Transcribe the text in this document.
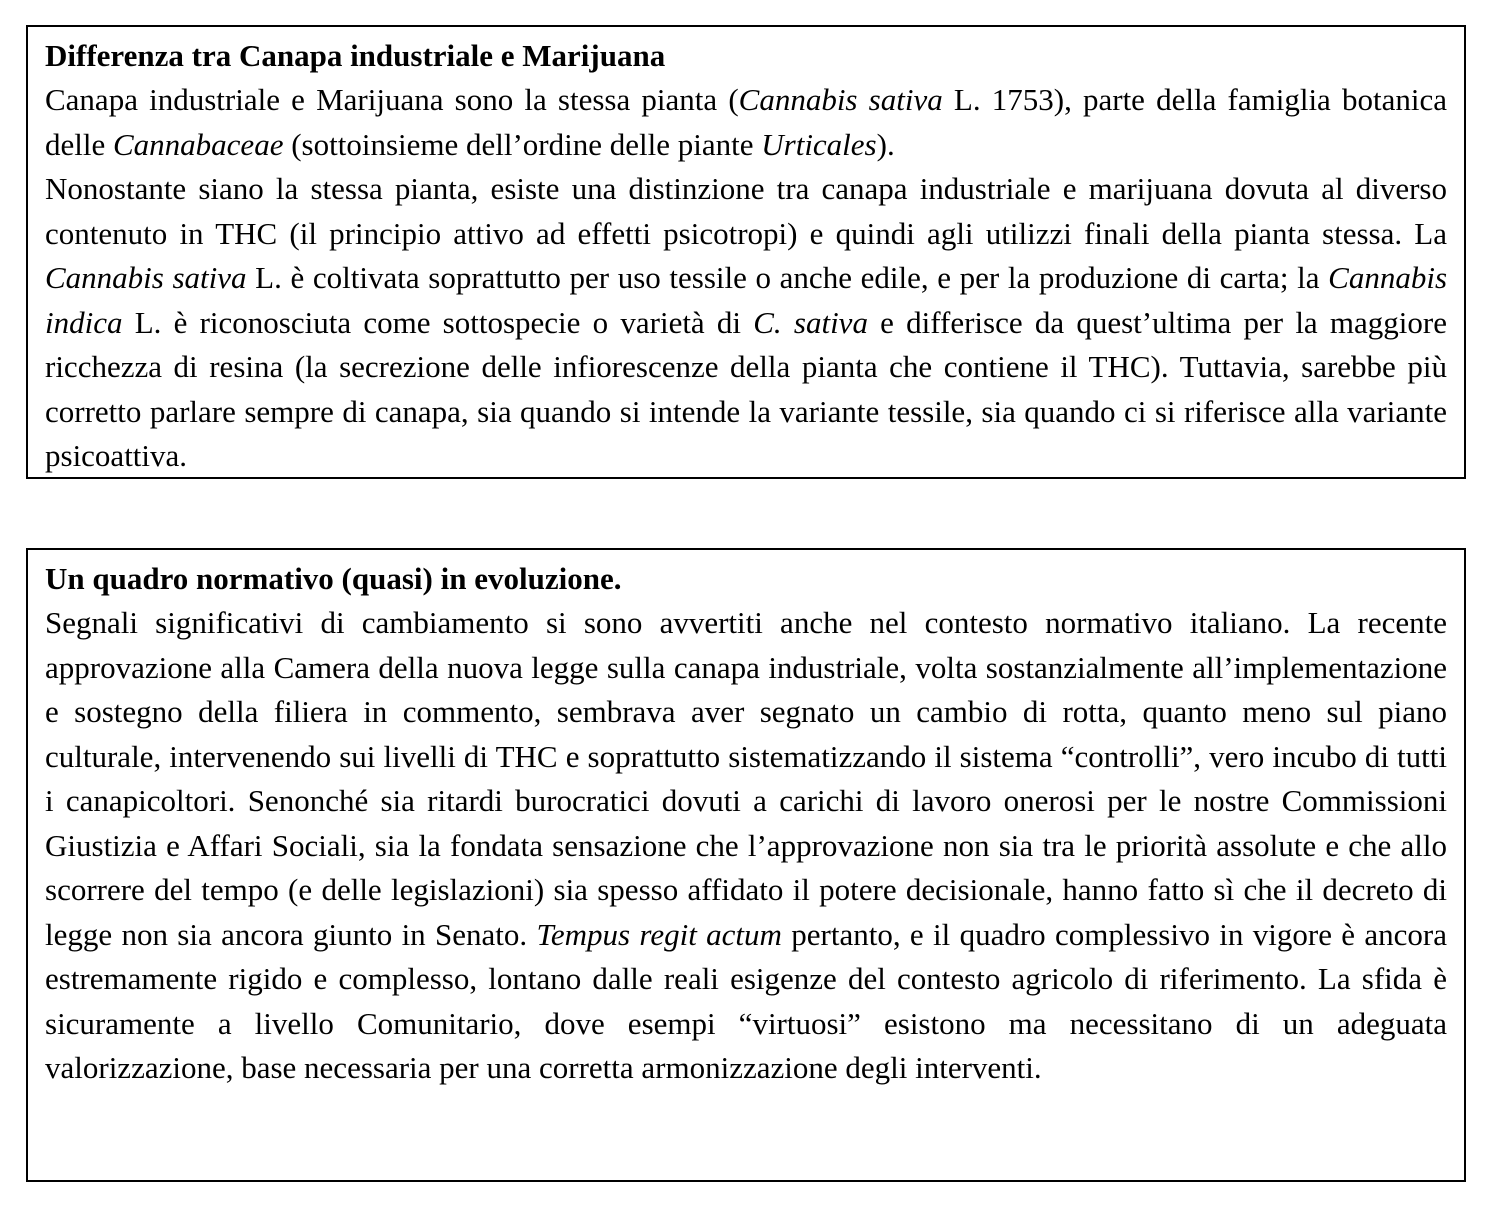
Differenza tra Canapa industriale e Marijuana

Canapa industriale e Marijuana sono la stessa pianta (Cannabis sativa L. 1753), parte della famiglia botanica delle Cannabaceae (sottoinsieme dell’ordine delle piante Urticales).

Nonostante siano la stessa pianta, esiste una distinzione tra canapa industriale e marijuana dovuta al diverso contenuto in THC (il principio attivo ad effetti psicotropi) e quindi agli utilizzi finali della pianta stessa. La Cannabis sativa L. è coltivata soprattutto per uso tessile o anche edile, e per la produzione di carta; la Cannabis indica L. è riconosciuta come sottospecie o varietà di C. sativa e differisce da quest’ultima per la maggiore ricchezza di resina (la secrezione delle infiorescenze della pianta che contiene il THC). Tuttavia, sarebbe più corretto parlare sempre di canapa, sia quando si intende la variante tessile, sia quando ci si riferisce alla variante psicoattiva.

Un quadro normativo (quasi) in evoluzione.

Segnali significativi di cambiamento si sono avvertiti anche nel contesto normativo italiano. La recente approvazione alla Camera della nuova legge sulla canapa industriale, volta sostanzialmente all’implementazione e sostegno della filiera in commento, sembrava aver segnato un cambio di rotta, quanto meno sul piano culturale, intervenendo sui livelli di THC e soprattutto sistematizzando il sistema “controlli”, vero incubo di tutti i canapicoltori. Senonché sia ritardi burocratici dovuti a carichi di lavoro onerosi per le nostre Commissioni Giustizia e Affari Sociali, sia la fondata sensazione che l’approvazione non sia tra le priorità assolute e che allo scorrere del tempo (e delle legislazioni) sia spesso affidato il potere decisionale, hanno fatto sì che il decreto di legge non sia ancora giunto in Senato. Tempus regit actum pertanto, e il quadro complessivo in vigore è ancora estremamente rigido e complesso, lontano dalle reali esigenze del contesto agricolo di riferimento. La sfida è sicuramente a livello Comunitario, dove esempi “virtuosi” esistono ma necessitano di un adeguata valorizzazione, base necessaria per una corretta armonizzazione degli interventi.
